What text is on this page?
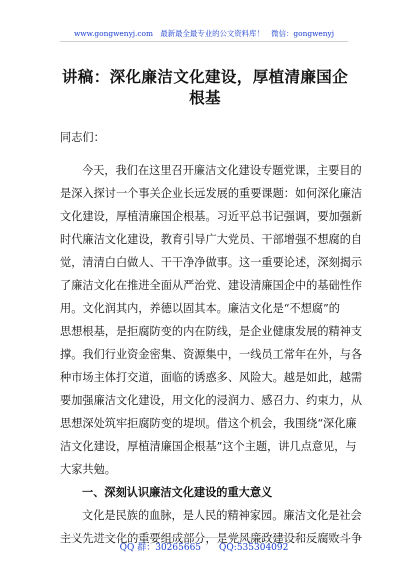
www.gongwenyj.com　最新最全最专业的公文资料库！　微信：gongwenyj
讲稿：深化廉洁文化建设，厚植清廉国企
根基
同志们：
今天，我们在这里召开廉洁文化建设专题党课，主要目的
是深入探讨一个事关企业长远发展的重要课题：如何深化廉洁
文化建设，厚植清廉国企根基。习近平总书记强调，要加强新
时代廉洁文化建设，教育引导广大党员、干部增强不想腐的自
觉，清清白白做人、干干净净做事。这一重要论述，深刻揭示
了廉洁文化在推进全面从严治党、建设清廉国企中的基础性作
用。文化润其内，养德以固其本。廉洁文化是“不想腐”的
思想根基，是拒腐防变的内在防线，是企业健康发展的精神支
撑。我们行业资金密集、资源集中，一线员工常年在外，与各
种市场主体打交道，面临的诱惑多、风险大。越是如此，越需
要加强廉洁文化建设，用文化的浸润力、感召力、约束力，从
思想深处筑牢拒腐防变的堤坝。借这个机会，我围绕“深化廉
洁文化建设，厚植清廉国企根基”这个主题，讲几点意见，与
大家共勉。
一、深刻认识廉洁文化建设的重大意义
文化是民族的血脉，是人民的精神家园。廉洁文化是社会
主义先进文化的重要组成部分，是党风廉政建设和反腐败斗争
QQ 群：30265665　　QQ:535304092
